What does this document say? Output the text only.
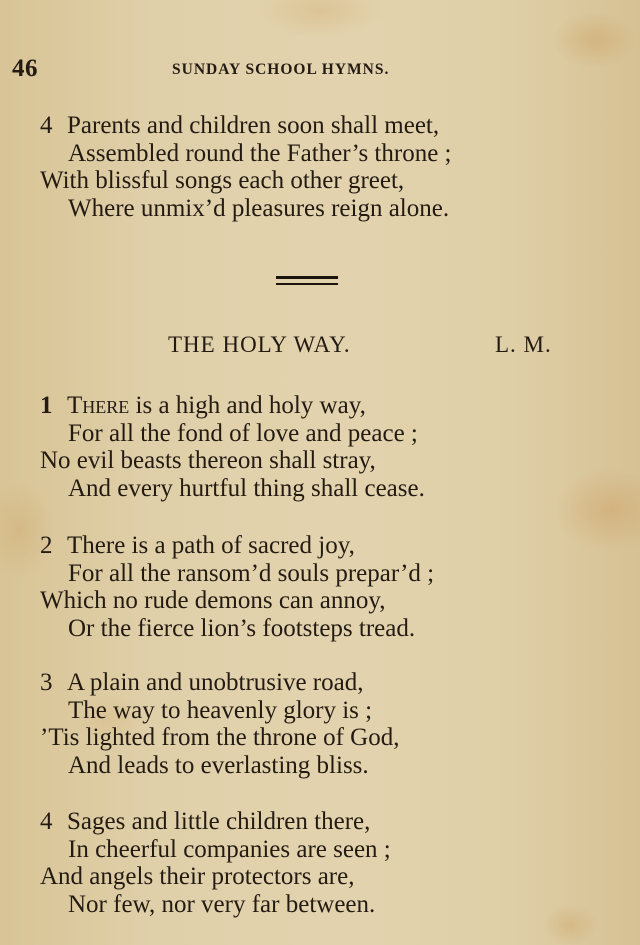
46	SUNDAY SCHOOL HYMNS.
4 Parents and children soon shall meet,
Assembled round the Father’s throne ;
With blissful songs each other greet,
Where unmix’d pleasures reign alone.
THE HOLY WAY.	L. M.
1 There is a high and holy way,
For all the fond of love and peace ;
No evil beasts thereon shall stray,
And every hurtful thing shall cease.
2 There is a path of sacred joy,
For all the ransom’d souls prepar’d ;
Which no rude demons can annoy,
Or the fierce lion’s footsteps tread.
3 A plain and unobtrusive road,
The way to heavenly glory is ;
’Tis lighted from the throne of God,
And leads to everlasting bliss.
4 Sages and little children there,
In cheerful companies are seen ;
And angels their protectors are,
Nor few, nor very far between.
